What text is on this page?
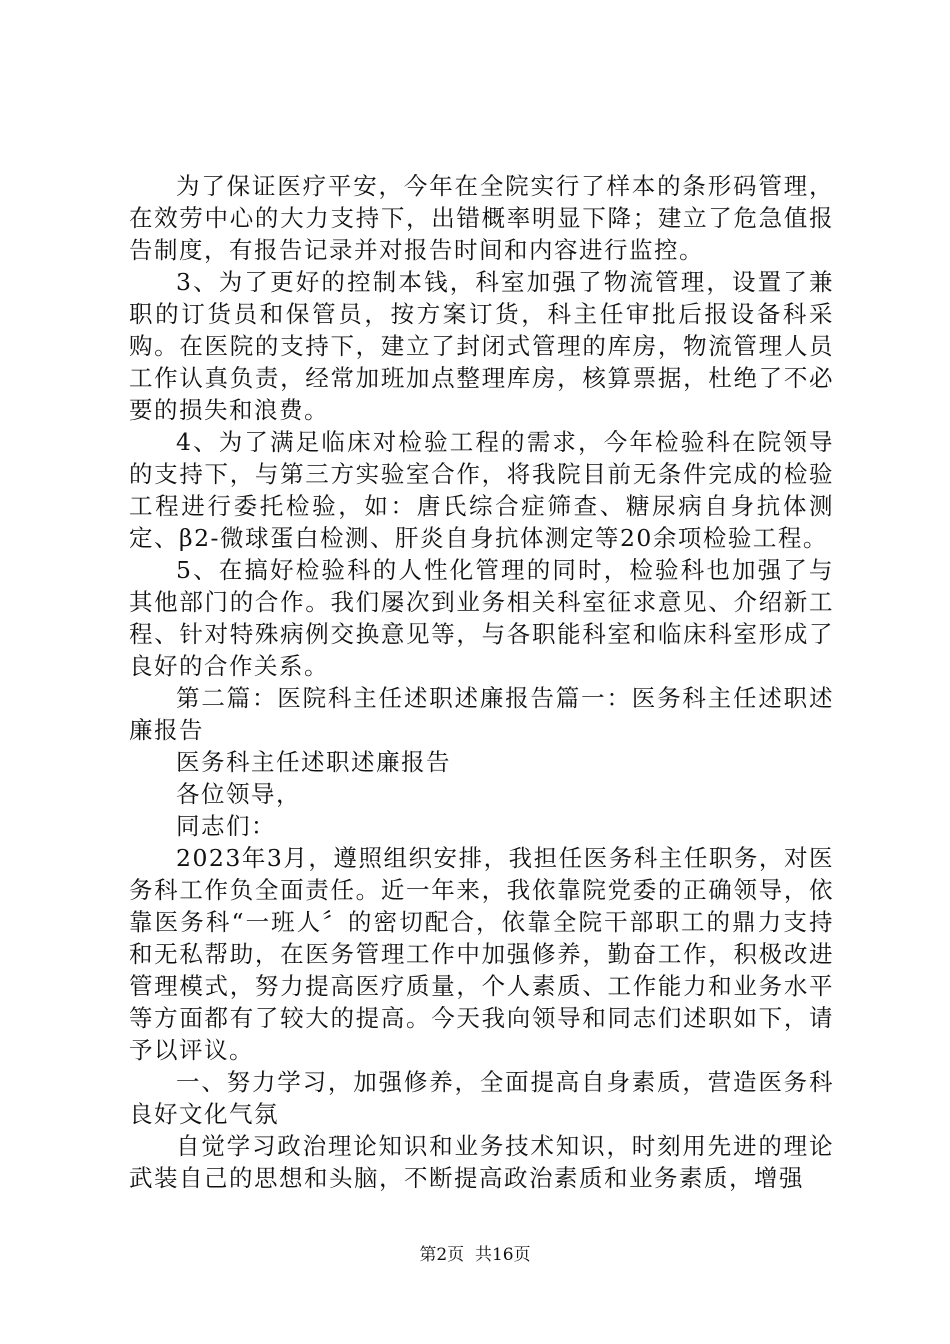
为了保证医疗平安，今年在全院实行了样本的条形码管理，在效劳中心的大力支持下，出错概率明显下降；建立了危急值报告制度，有报告记录并对报告时间和内容进行监控。

3、为了更好的控制本钱，科室加强了物流管理，设置了兼职的订货员和保管员，按方案订货，科主任审批后报设备科采购。在医院的支持下，建立了封闭式管理的库房，物流管理人员工作认真负责，经常加班加点整理库房，核算票据，杜绝了不必要的损失和浪费。

4、为了满足临床对检验工程的需求，今年检验科在院领导的支持下，与第三方实验室合作，将我院目前无条件完成的检验工程进行委托检验，如：唐氏综合症筛查、糖尿病自身抗体测定、β2-微球蛋白检测、肝炎自身抗体测定等20余项检验工程。

5、在搞好检验科的人性化管理的同时，检验科也加强了与其他部门的合作。我们屡次到业务相关科室征求意见、介绍新工程、针对特殊病例交换意见等，与各职能科室和临床科室形成了良好的合作关系。

第二篇：医院科主任述职述廉报告篇一：医务科主任述职述廉报告

医务科主任述职述廉报告

各位领导，

同志们：

2023年3月，遵照组织安排，我担任医务科主任职务，对医务科工作负全面责任。近一年来，我依靠院党委的正确领导，依靠医务科“一班人〞的密切配合，依靠全院干部职工的鼎力支持和无私帮助，在医务管理工作中加强修养，勤奋工作，积极改进管理模式，努力提高医疗质量，个人素质、工作能力和业务水平等方面都有了较大的提高。今天我向领导和同志们述职如下，请予以评议。

一、努力学习，加强修养，全面提高自身素质，营造医务科良好文化气氛

自觉学习政治理论知识和业务技术知识，时刻用先进的理论武装自己的思想和头脑，不断提高政治素质和业务素质，增强

第2页  共16页
